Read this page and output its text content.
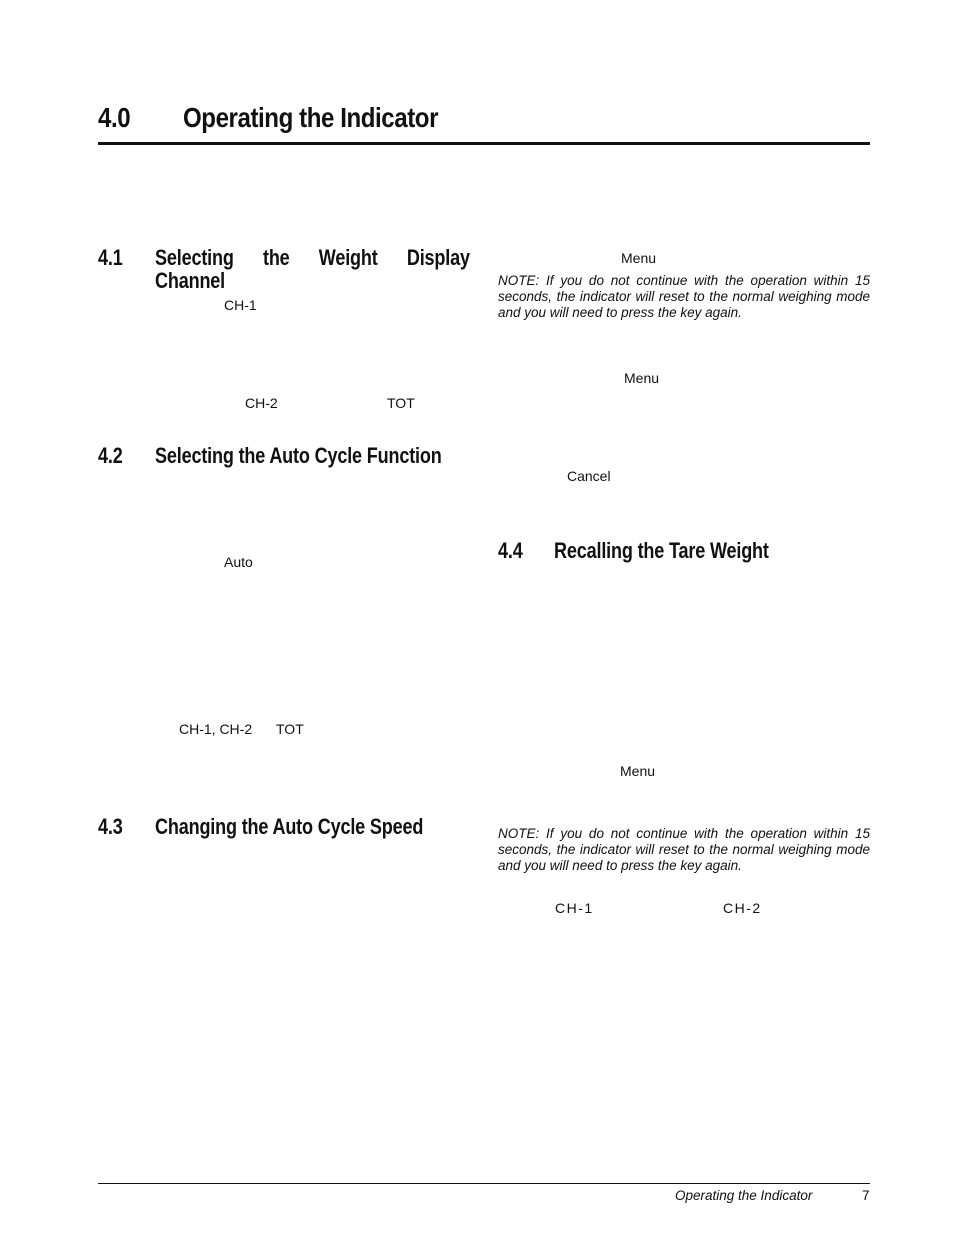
4.0 Operating the Indicator
4.1 Selecting the Weight Display
Channel
CH-1
CH-2	TOT
4.2 Selecting the Auto Cycle Function
Auto
CH-1, CH-2 TOT
4.3 Changing the Auto Cycle Speed
Menu
NOTE: If you do not continue with the operation within 15 seconds, the indicator will reset to the normal weighing mode and you will need to press the key again.
Menu
Cancel
4.4 Recalling the Tare Weight
Menu
NOTE: If you do not continue with the operation within 15 seconds, the indicator will reset to the normal weighing mode and you will need to press the key again.
CH-1	CH-2
Operating the Indicator	7
